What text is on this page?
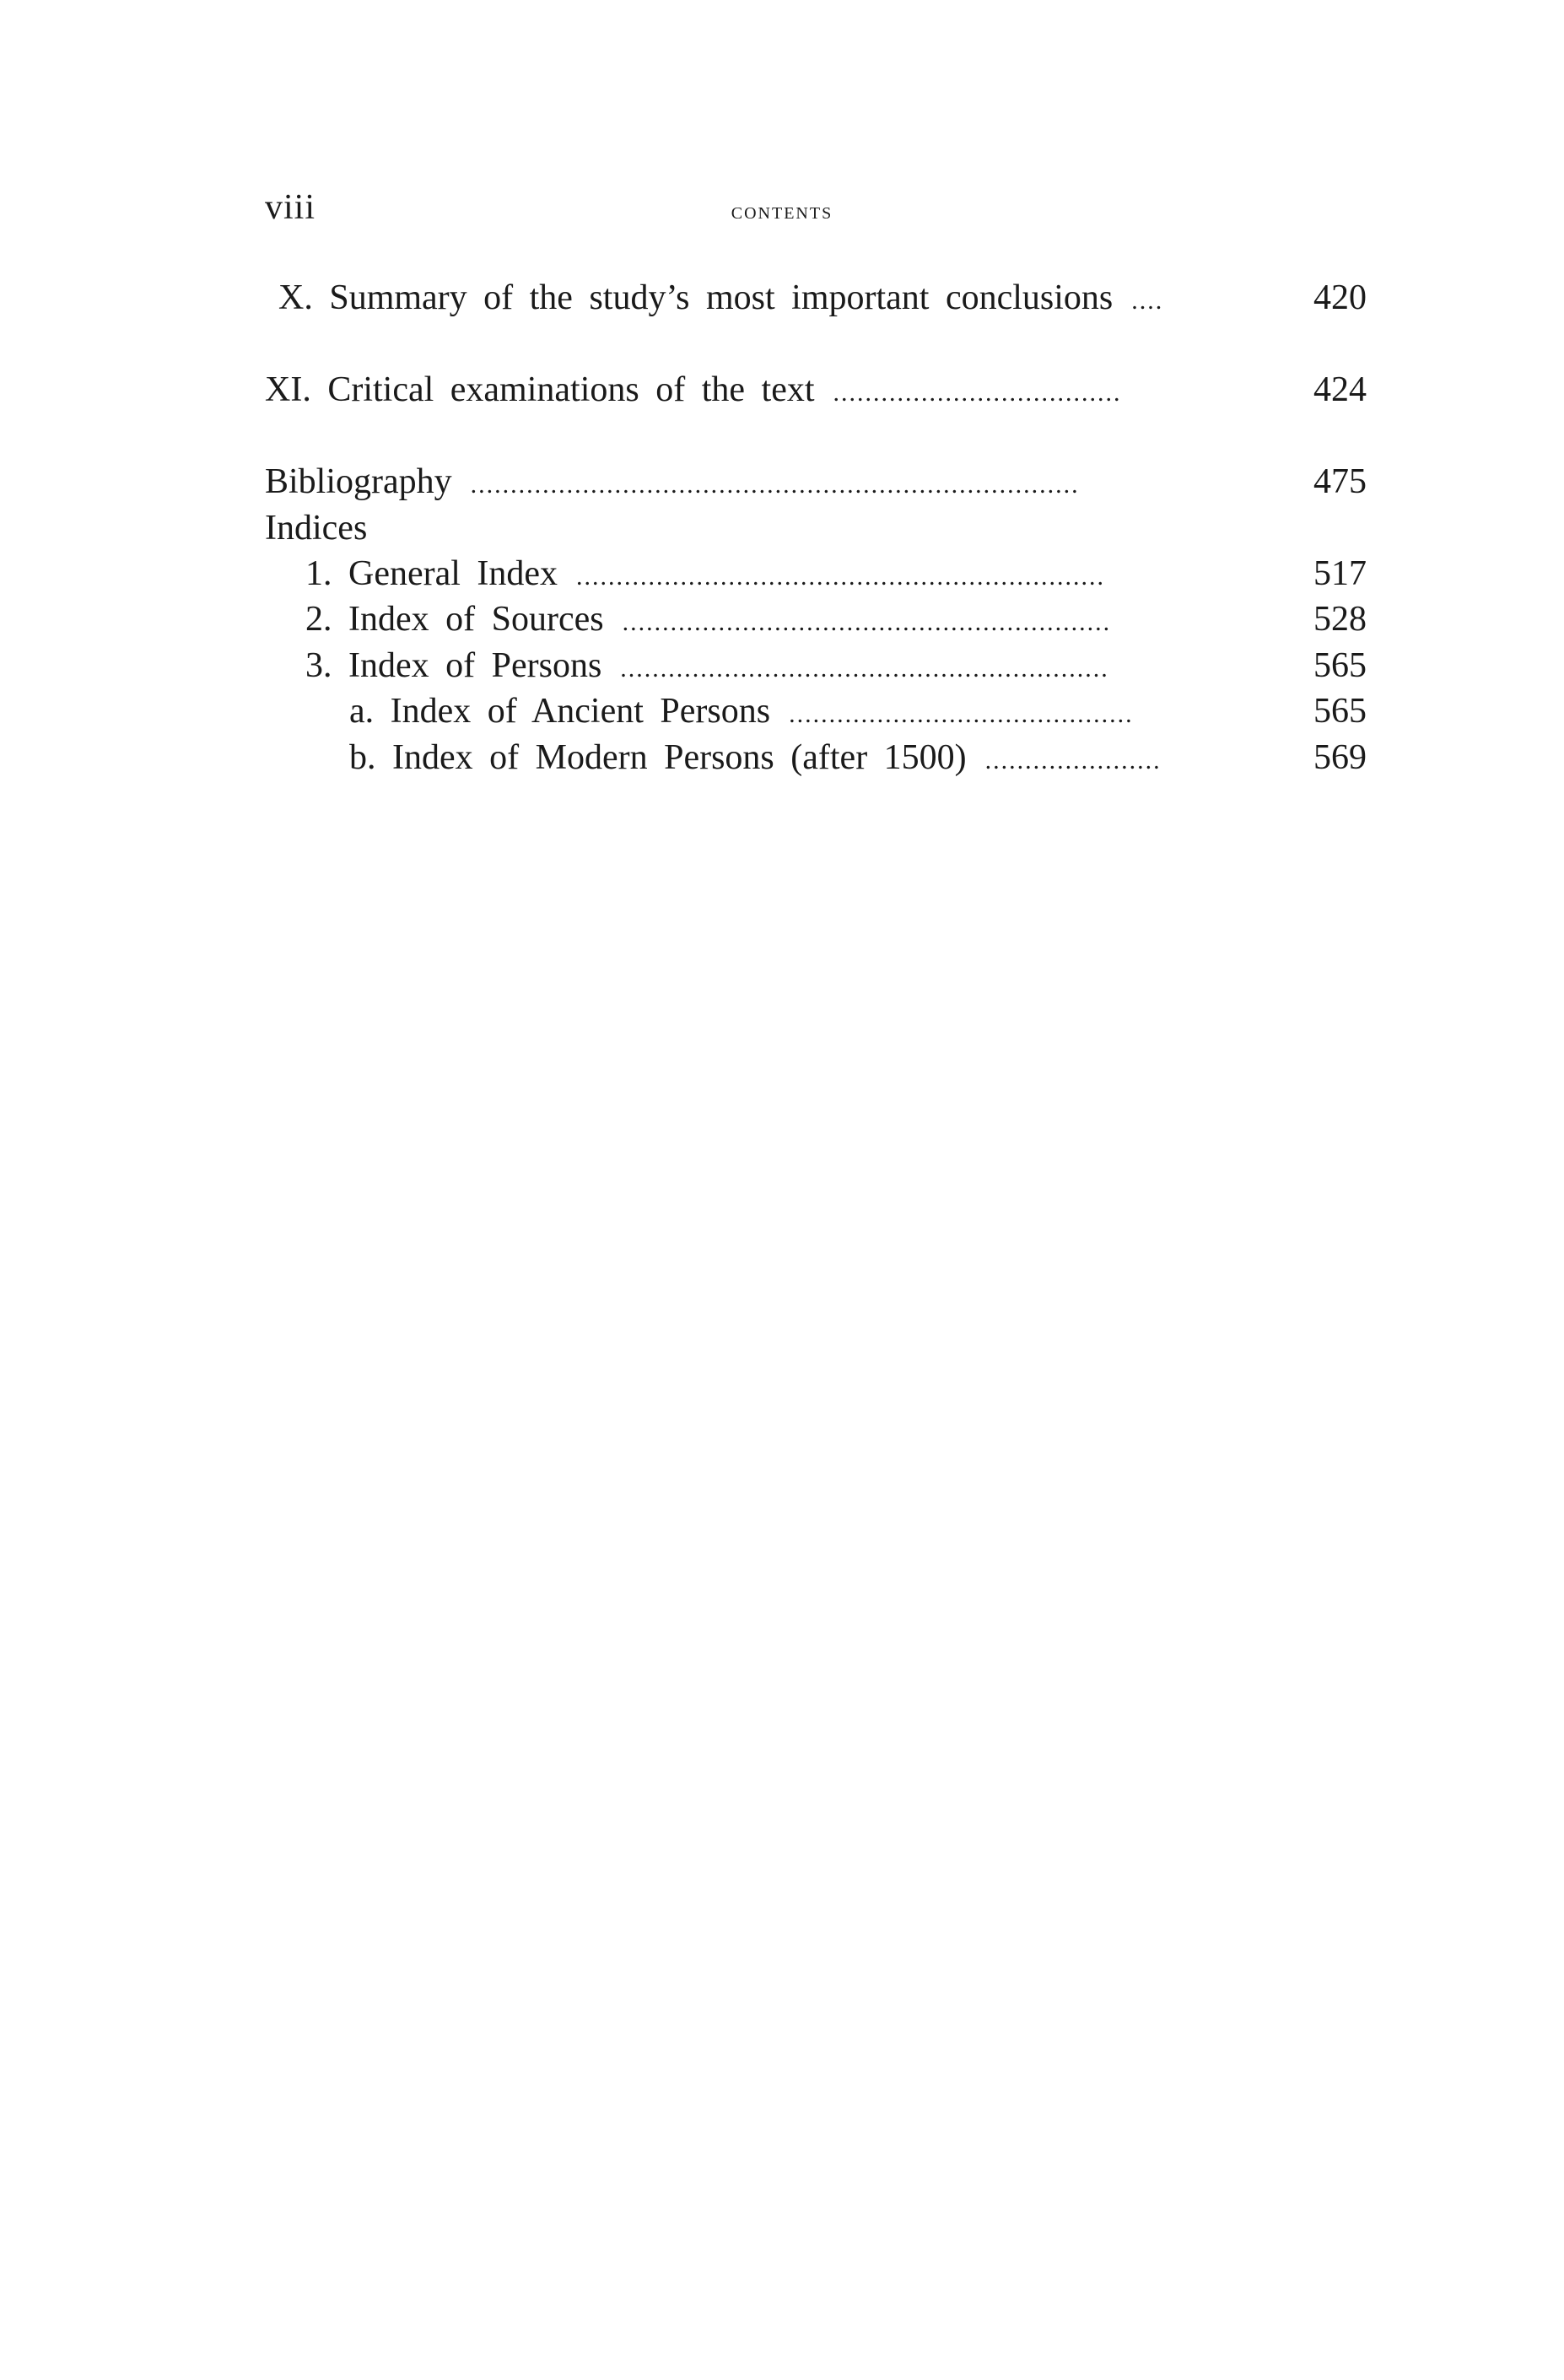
viii	contents
X. Summary of the study’s most important conclusions ....	420
XI. Critical examinations of the text ....................................	424
Bibliography ............................................................................	475
Indices
1. General Index ..................................................................	517
2. Index of Sources .............................................................	528
3. Index of Persons .............................................................	565
a. Index of Ancient Persons ...........................................	565
b. Index of Modern Persons (after 1500) ......................	569
